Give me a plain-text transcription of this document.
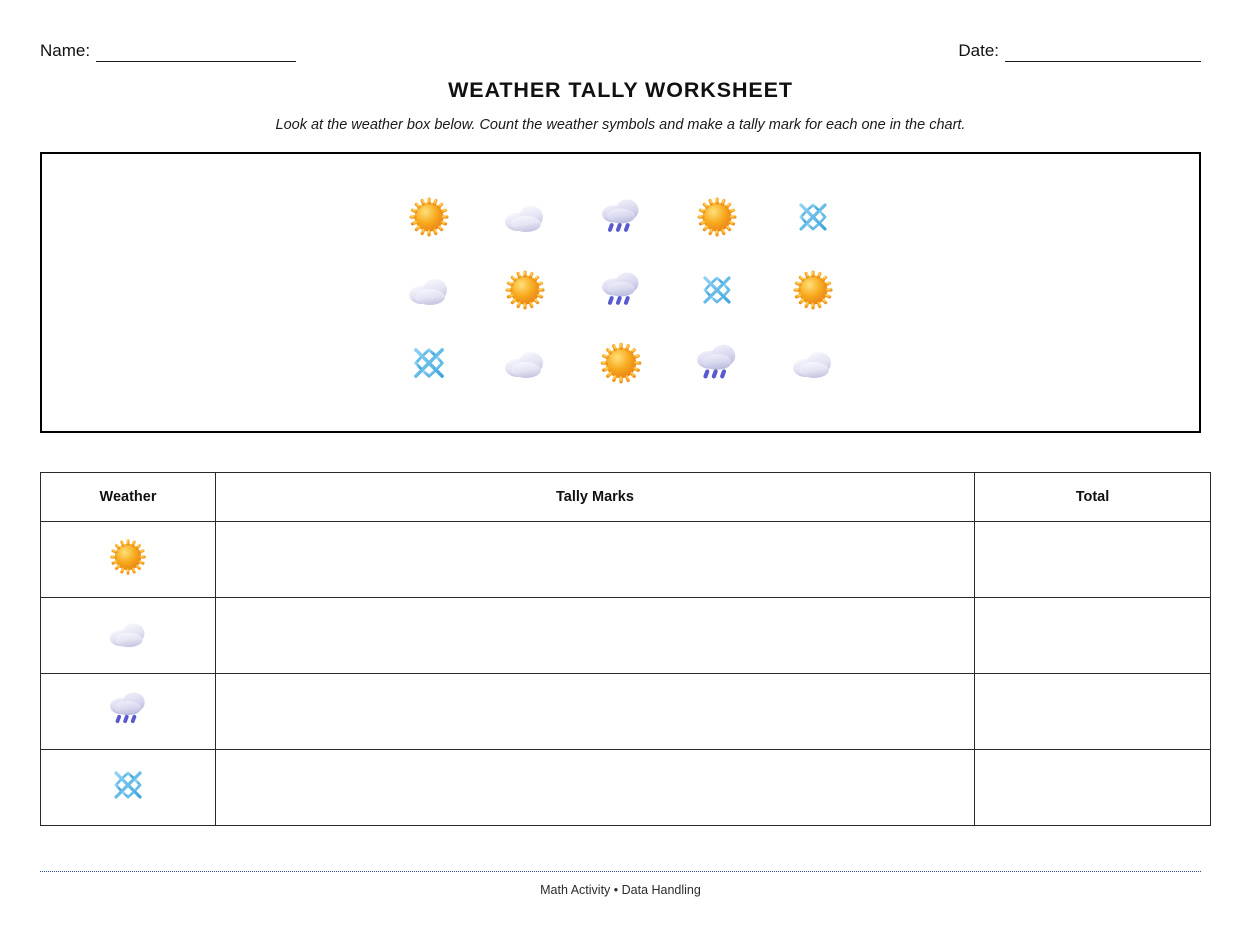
Name:	Date:
WEATHER TALLY WORKSHEET
Look at the weather box below. Count the weather symbols and make a tally mark for each one in the chart.
Weather	Tally Marks	Total

Math Activity • Data Handling
